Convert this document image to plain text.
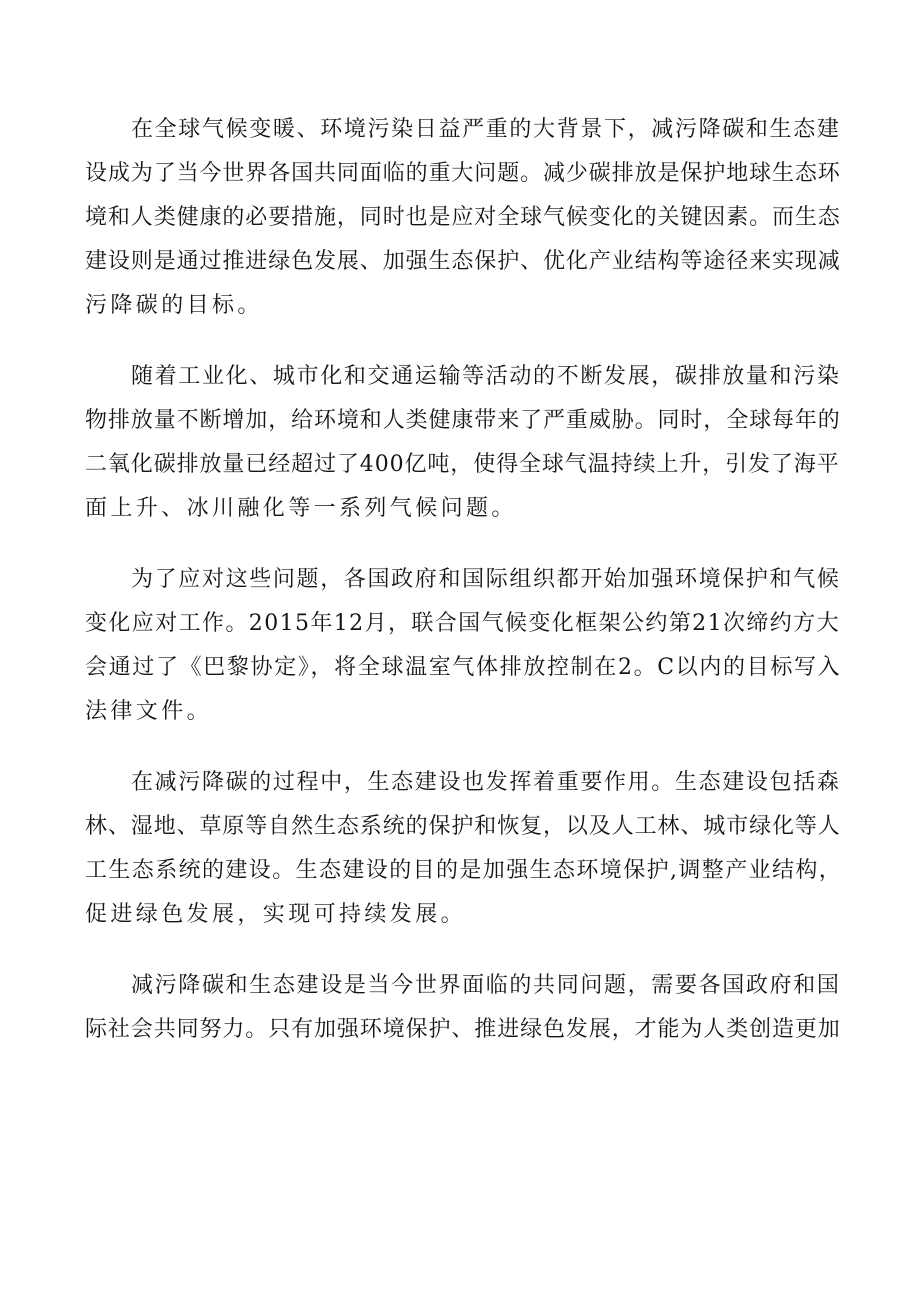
在全球气候变暖、环境污染日益严重的大背景下，减污降碳和生态建
设成为了当今世界各国共同面临的重大问题。减少碳排放是保护地球生态环
境和人类健康的必要措施，同时也是应对全球气候变化的关键因素。而生态
建设则是通过推进绿色发展、加强生态保护、优化产业结构等途径来实现减
污降碳的目标。
随着工业化、城市化和交通运输等活动的不断发展，碳排放量和污染
物排放量不断增加，给环境和人类健康带来了严重威胁。同时，全球每年的
二氧化碳排放量已经超过了400亿吨，使得全球气温持续上升，引发了海平
面上升、冰川融化等一系列气候问题。
为了应对这些问题，各国政府和国际组织都开始加强环境保护和气候
变化应对工作。2015年12月，联合国气候变化框架公约第21次缔约方大
会通过了《巴黎协定》，将全球温室气体排放控制在2。C以内的目标写入
法律文件。
在减污降碳的过程中，生态建设也发挥着重要作用。生态建设包括森
林、湿地、草原等自然生态系统的保护和恢复，以及人工林、城市绿化等人
工生态系统的建设。生态建设的目的是加强生态环境保护,调整产业结构，
促进绿色发展，实现可持续发展。
减污降碳和生态建设是当今世界面临的共同问题，需要各国政府和国
际社会共同努力。只有加强环境保护、推进绿色发展，才能为人类创造更加
